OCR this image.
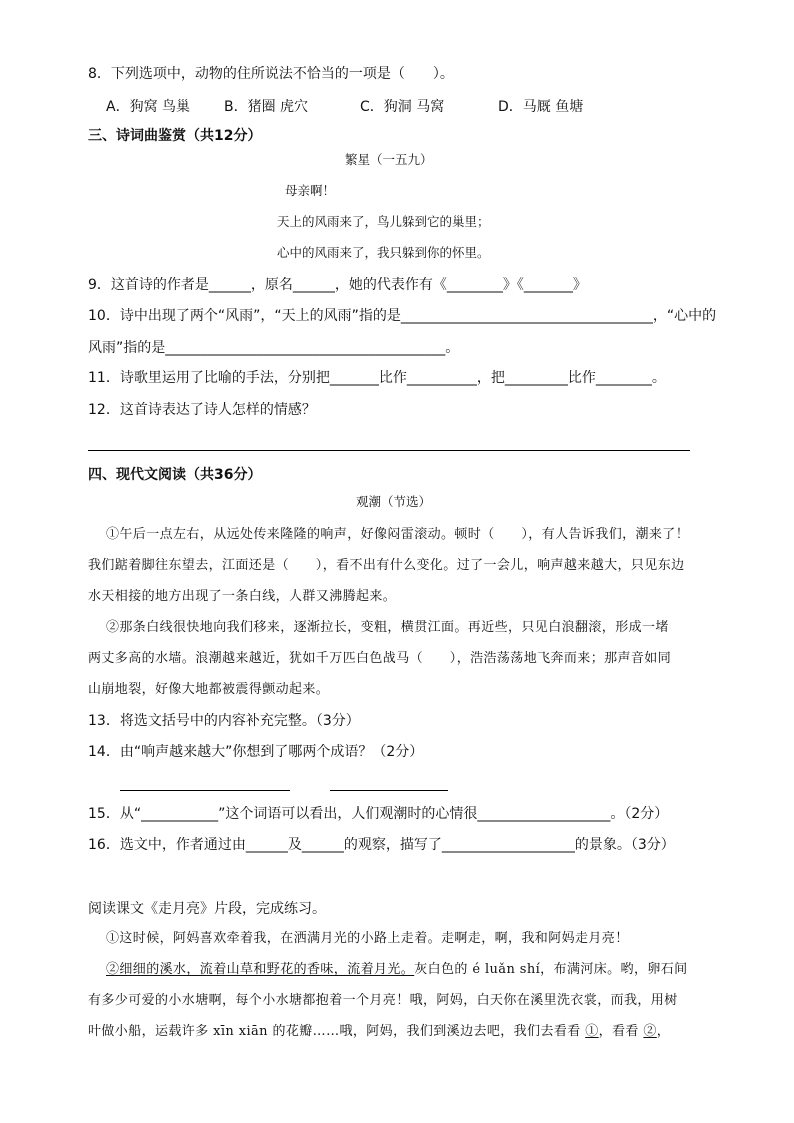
8．下列选项中，动物的住所说法不恰当的一项是（　　）。
A．狗窝 鸟巢 B．猪圈 虎穴	C．狗洞 马窝	D．马厩 鱼塘
三、诗词曲鉴赏（共12分）
繁星（一五九）
母亲啊！
天上的风雨来了，鸟儿躲到它的巢里；
心中的风雨来了，我只躲到你的怀里。
9．这首诗的作者是______，原名______，她的代表作有《________》《_______》
10．诗中出现了两个“风雨”，“天上的风雨”指的是____________________________________，“心中的
风雨”指的是________________________________________。
11．诗歌里运用了比喻的手法，分别把_______比作__________，把_________比作________。
12．这首诗表达了诗人怎样的情感？
四、现代文阅读（共36分）
观潮（节选）
①午后一点左右，从远处传来隆隆的响声，好像闷雷滚动。顿时（　　），有人告诉我们，潮来了！
我们踮着脚往东望去，江面还是（　　），看不出有什么变化。过了一会儿，响声越来越大，只见东边
水天相接的地方出现了一条白线，人群又沸腾起来。
②那条白线很快地向我们移来，逐渐拉长，变粗，横贯江面。再近些，只见白浪翻滚，形成一堵
两丈多高的水墙。浪潮越来越近，犹如千万匹白色战马（　　），浩浩荡荡地飞奔而来；那声音如同
山崩地裂，好像大地都被震得颤动起来。
13．将选文括号中的内容补充完整。（3分）
14．由“响声越来越大”你想到了哪两个成语？（2分）
15．从“___________”这个词语可以看出，人们观潮时的心情很___________________。（2分）
16．选文中，作者通过由______及______的观察，描写了___________________的景象。（3分）
阅读课文《走月亮》片段，完成练习。
①这时候，阿妈喜欢牵着我，在洒满月光的小路上走着。走啊走，啊，我和阿妈走月亮！
②细细的溪水，流着山草和野花的香味，流着月光。灰白色的 é luǎn shí，布满河床。哟，卵石间
有多少可爱的小水塘啊，每个小水塘都抱着一个月亮！哦，阿妈，白天你在溪里洗衣裳，而我，用树
叶做小船，运载许多 xīn xiān 的花瓣……哦，阿妈，我们到溪边去吧，我们去看看 ①，看看 ②，
